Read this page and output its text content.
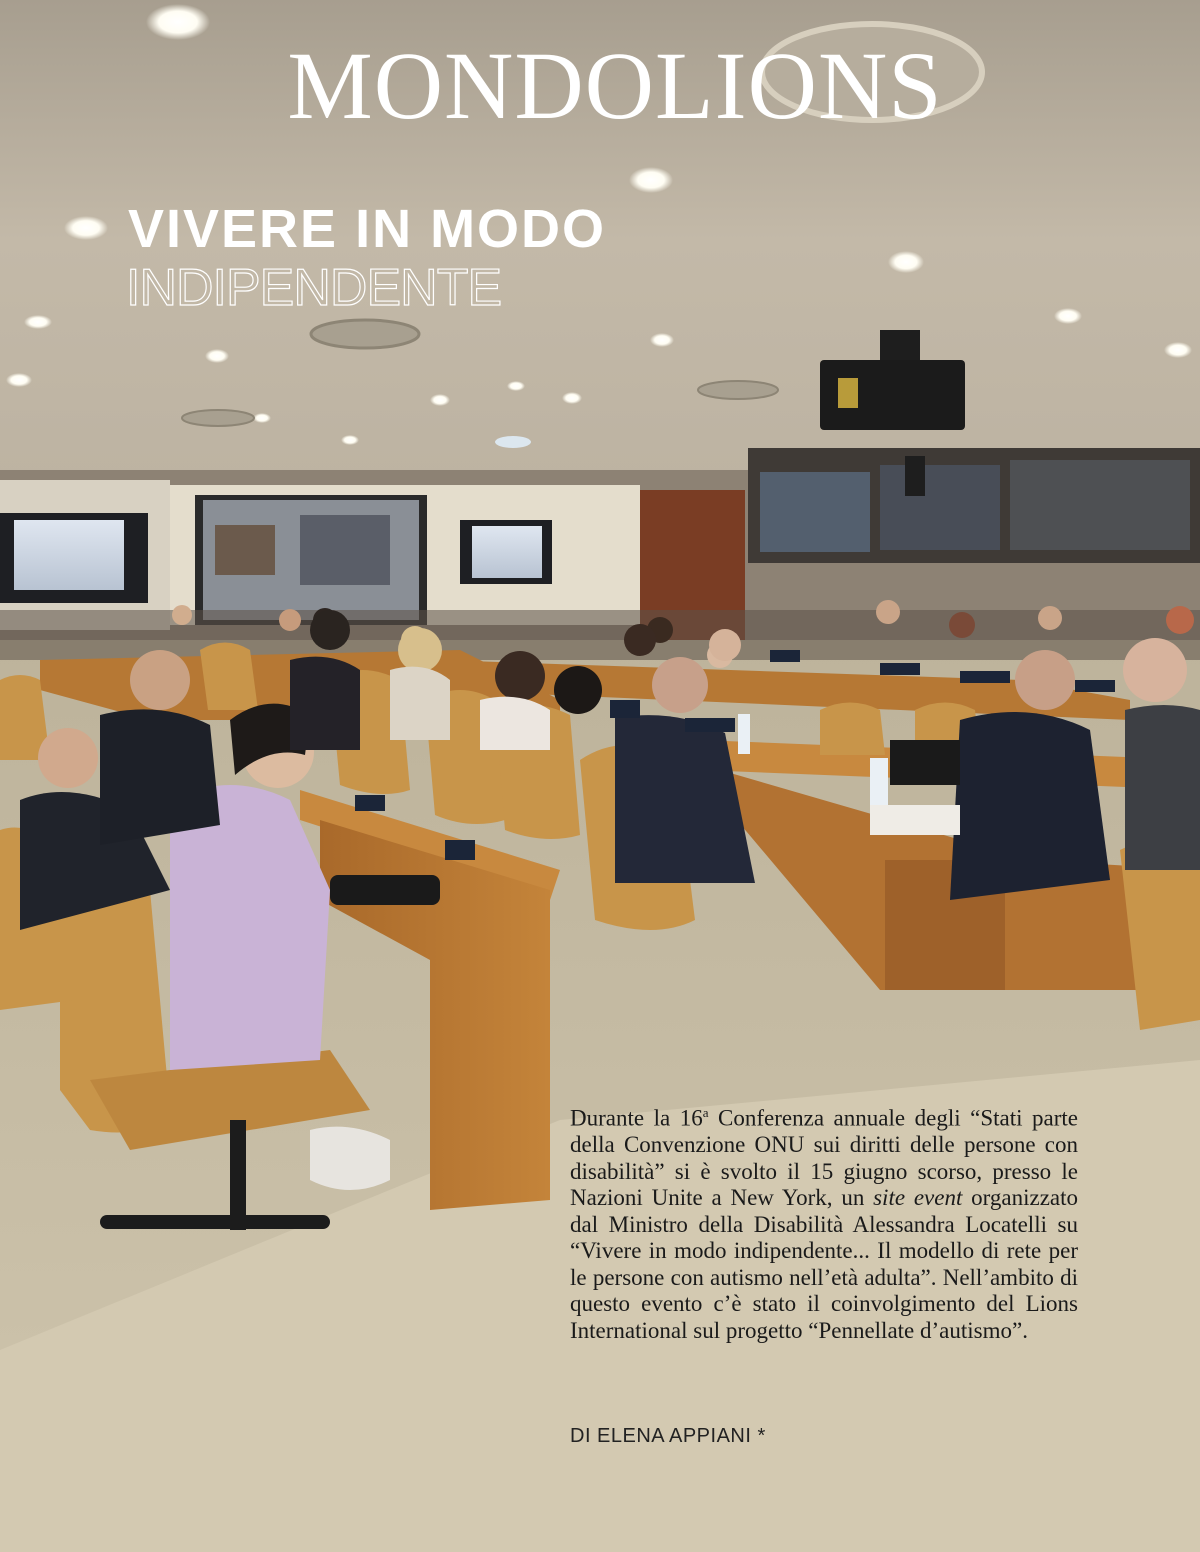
MONDOLIONS
VIVERE IN MODO
INDIPENDENTE

Durante la 16$^a$ Conferenza annuale degli “Stati parte della Convenzione ONU sui diritti delle persone con disabilità” si è svolto il 15 giugno scorso, presso le Nazioni Unite a New York, un site event organizzato dal Ministro della Disabilità Alessandra Locatelli su “Vivere in modo indipendente... Il modello di rete per le persone con autismo nell’età adulta”. Nell’ambito di questo evento c’è stato il coinvolgimento del Lions International sul progetto “Pennellate d’autismo”.

DI ELENA APPIANI *
